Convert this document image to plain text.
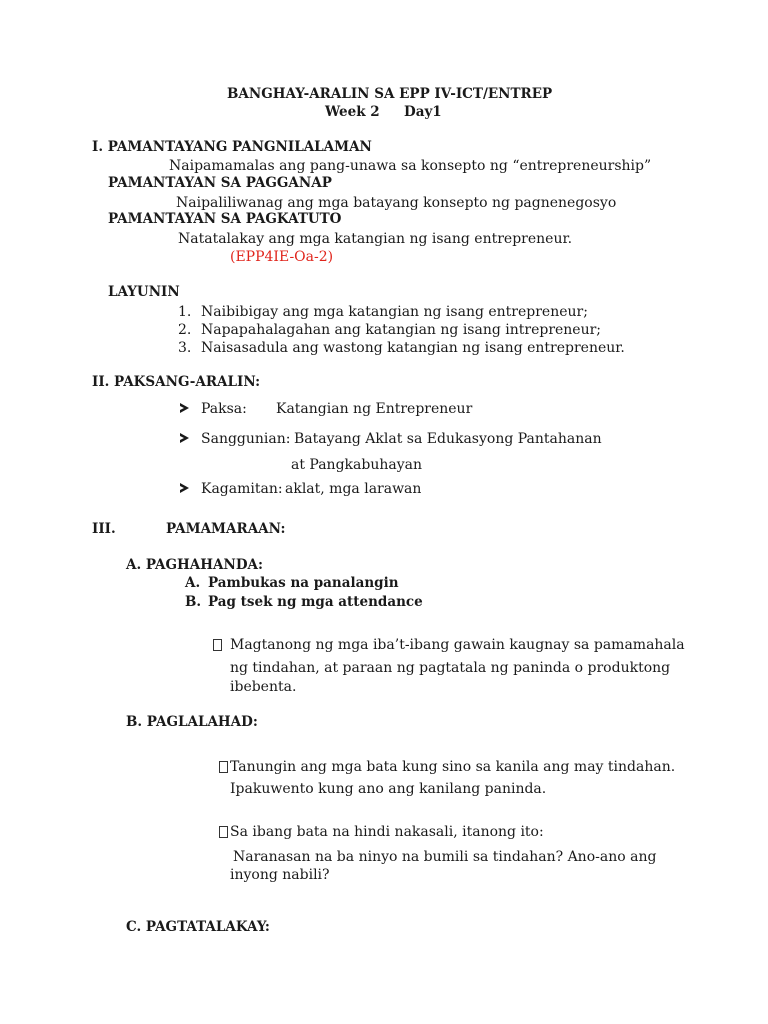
BANGHAY-ARALIN SA EPP IV-ICT/ENTREP
Week 2 Day1
I. PAMANTAYANG PANGNILALAMAN
Naipamamalas ang pang-unawa sa konsepto ng “entrepreneurship”
PAMANTAYAN SA PAGGANAP
Naipaliliwanag ang mga batayang konsepto ng pagnenegosyo
PAMANTAYAN SA PAGKATUTO
Natatalakay ang mga katangian ng isang entrepreneur.
(EPP4IE-Oa-2)
LAYUNIN
1. Naibibigay ang mga katangian ng isang entrepreneur;
2. Napapahalagahan ang katangian ng isang intrepreneur;
3. Naisasadula ang wastong katangian ng isang entrepreneur.
II. PAKSANG-ARALIN:
Paksa: Katangian ng Entrepreneur
Sanggunian: Batayang Aklat sa Edukasyong Pantahanan
at Pangkabuhayan
Kagamitan: aklat, mga larawan
III.	PAMAMARAAN:
A. PAGHAHANDA:
A. Pambukas na panalangin
B. Pag tsek ng mga attendance
Magtanong ng mga iba’t-ibang gawain kaugnay sa pamamahala
ng tindahan, at paraan ng pagtatala ng paninda o produktong
ibebenta.
B. PAGLALAHAD:
Tanungin ang mga bata kung sino sa kanila ang may tindahan.
Ipakuwento kung ano ang kanilang paninda.
Sa ibang bata na hindi nakasali, itanong ito:
Naranasan na ba ninyo na bumili sa tindahan? Ano-ano ang
inyong nabili?
C. PAGTATALAKAY:
